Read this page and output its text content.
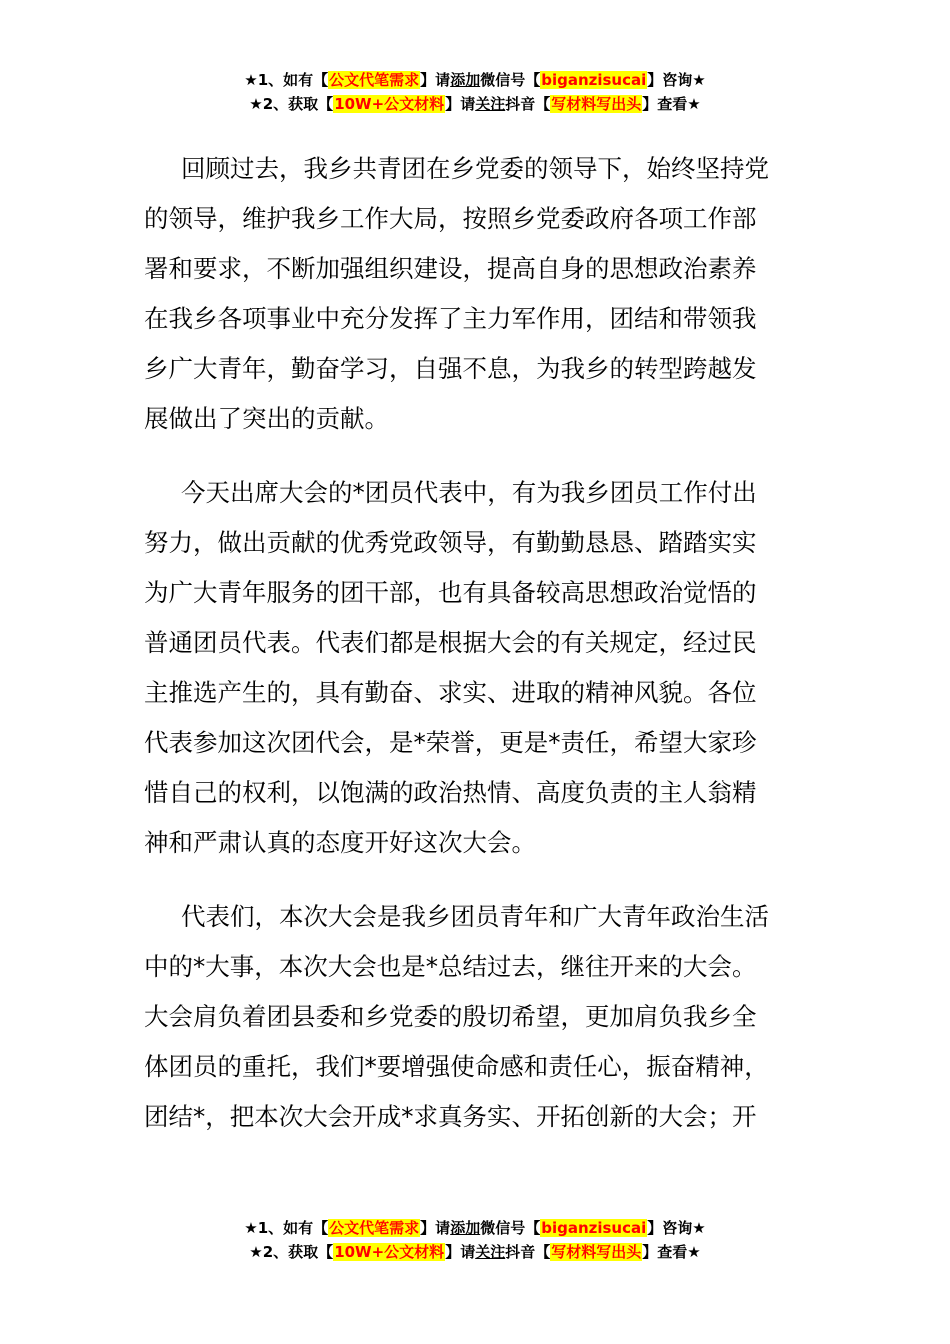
★1、如有【公文代笔需求】请添加微信号【biganzisucai】咨询★
★2、获取【10W+公文材料】请关注抖音【写材料写出头】查看★
回顾过去，我乡共青团在乡党委的领导下，始终坚持党
的领导，维护我乡工作大局，按照乡党委政府各项工作部
署和要求，不断加强组织建设，提高自身的思想政治素养
在我乡各项事业中充分发挥了主力军作用，团结和带领我
乡广大青年，勤奋学习，自强不息，为我乡的转型跨越发
展做出了突出的贡献。
今天出席大会的*团员代表中，有为我乡团员工作付出
努力，做出贡献的优秀党政领导，有勤勤恳恳、踏踏实实
为广大青年服务的团干部，也有具备较高思想政治觉悟的
普通团员代表。代表们都是根据大会的有关规定，经过民
主推选产生的，具有勤奋、求实、进取的精神风貌。各位
代表参加这次团代会，是*荣誉，更是*责任，希望大家珍
惜自己的权利，以饱满的政治热情、高度负责的主人翁精
神和严肃认真的态度开好这次大会。
代表们，本次大会是我乡团员青年和广大青年政治生活
中的*大事，本次大会也是*总结过去，继往开来的大会。
大会肩负着团县委和乡党委的殷切希望，更加肩负我乡全
体团员的重托，我们*要增强使命感和责任心，振奋精神，
团结*，把本次大会开成*求真务实、开拓创新的大会；开
★1、如有【公文代笔需求】请添加微信号【biganzisucai】咨询★
★2、获取【10W+公文材料】请关注抖音【写材料写出头】查看★
